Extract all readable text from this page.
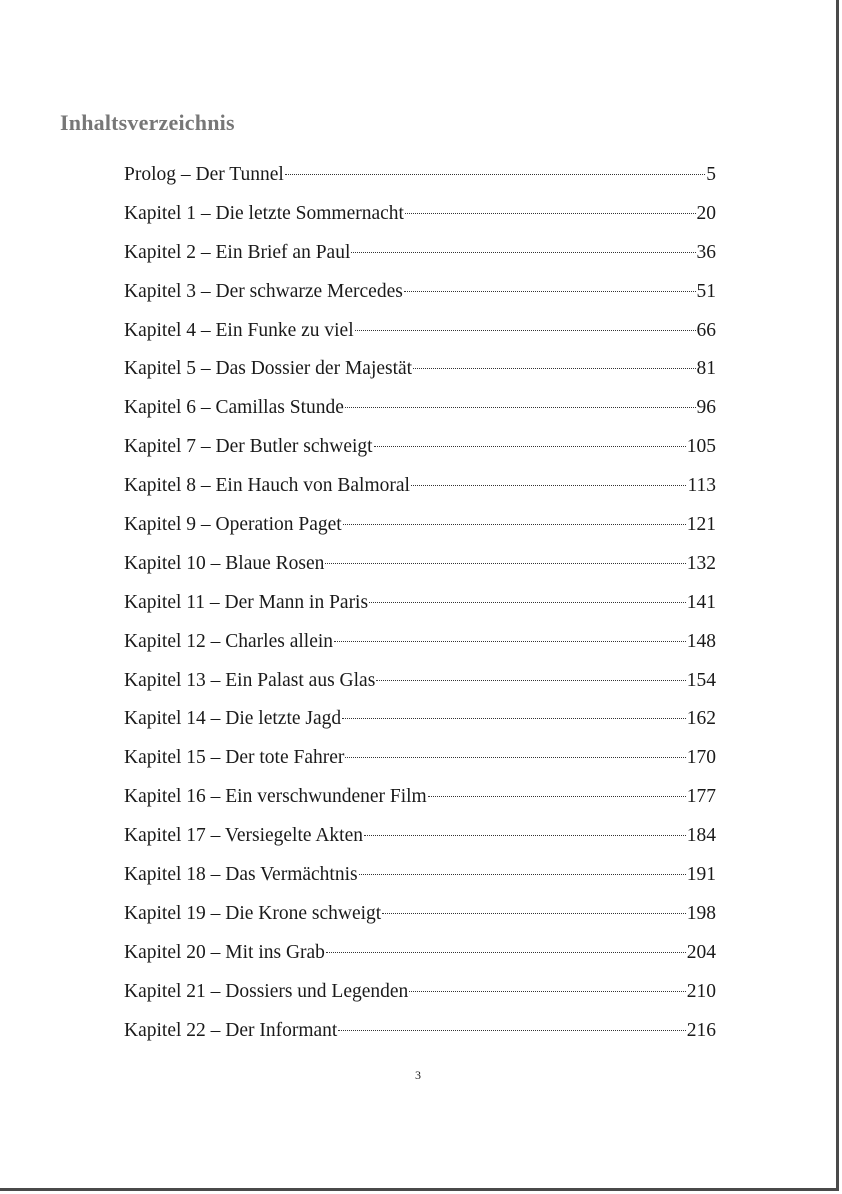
Inhaltsverzeichnis
Prolog – Der Tunnel	5
Kapitel 1 – Die letzte Sommernacht	20
Kapitel 2 – Ein Brief an Paul	36
Kapitel 3 – Der schwarze Mercedes	51
Kapitel 4 – Ein Funke zu viel	66
Kapitel 5 – Das Dossier der Majestät	81
Kapitel 6 – Camillas Stunde	96
Kapitel 7 – Der Butler schweigt	105
Kapitel 8 – Ein Hauch von Balmoral	113
Kapitel 9 – Operation Paget	121
Kapitel 10 – Blaue Rosen	132
Kapitel 11 – Der Mann in Paris	141
Kapitel 12 – Charles allein	148
Kapitel 13 – Ein Palast aus Glas	154
Kapitel 14 – Die letzte Jagd	162
Kapitel 15 – Der tote Fahrer	170
Kapitel 16 – Ein verschwundener Film	177
Kapitel 17 – Versiegelte Akten	184
Kapitel 18 – Das Vermächtnis	191
Kapitel 19 – Die Krone schweigt	198
Kapitel 20 – Mit ins Grab	204
Kapitel 21 – Dossiers und Legenden	210
Kapitel 22 – Der Informant	216
3
